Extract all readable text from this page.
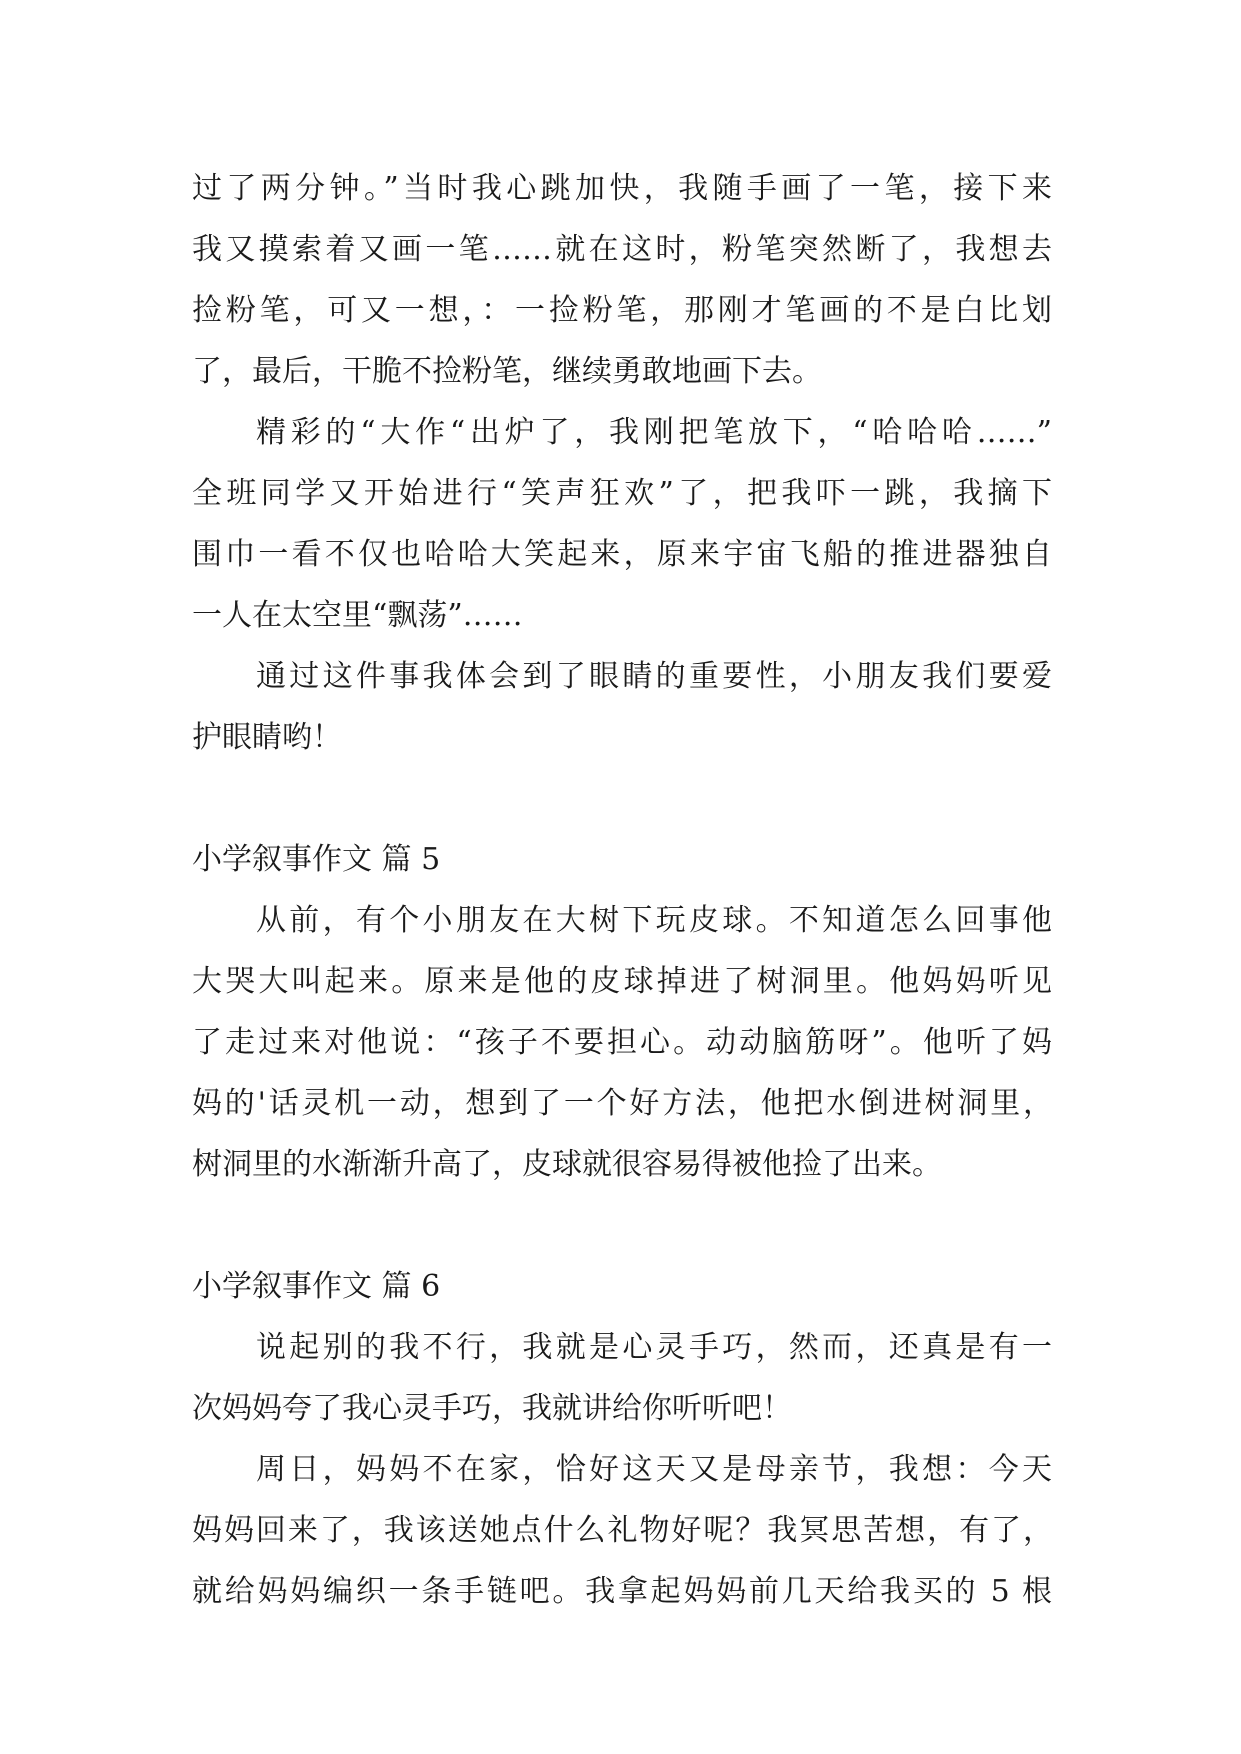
过了两分钟。”当时我心跳加快，我随手画了一笔，接下来
我又摸索着又画一笔……就在这时，粉笔突然断了，我想去
捡粉笔，可又一想，：一捡粉笔，那刚才笔画的不是白比划
了，最后，干脆不捡粉笔，继续勇敢地画下去。
精彩的“大作“出炉了，我刚把笔放下，“哈哈哈……”
全班同学又开始进行“笑声狂欢”了，把我吓一跳，我摘下
围巾一看不仅也哈哈大笑起来，原来宇宙飞船的推进器独自
一人在太空里“飘荡”……
通过这件事我体会到了眼睛的重要性，小朋友我们要爱
护眼睛哟！
小学叙事作文 篇 5
从前，有个小朋友在大树下玩皮球。不知道怎么回事他
大哭大叫起来。原来是他的皮球掉进了树洞里。他妈妈听见
了走过来对他说：“孩子不要担心。动动脑筋呀”。他听了妈
妈的'话灵机一动，想到了一个好方法，他把水倒进树洞里，
树洞里的水渐渐升高了，皮球就很容易得被他捡了出来。
小学叙事作文 篇 6
说起别的我不行，我就是心灵手巧，然而，还真是有一
次妈妈夸了我心灵手巧，我就讲给你听听吧！
周日，妈妈不在家，恰好这天又是母亲节，我想：今天
妈妈回来了，我该送她点什么礼物好呢？我冥思苦想，有了，
就给妈妈编织一条手链吧。我拿起妈妈前几天给我买的 5 根
